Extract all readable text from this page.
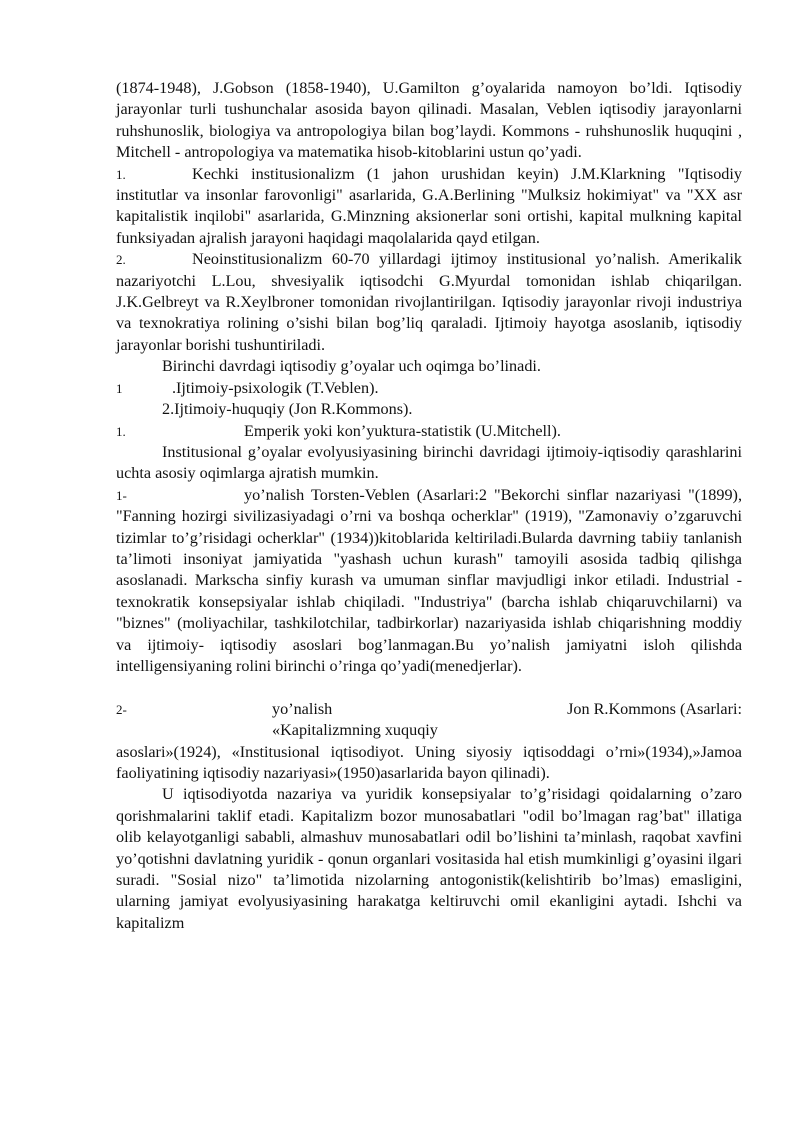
(1874-1948), J.Gobson (1858-1940), U.Gamilton g’oyalarida namoyon bo’ldi. Iqtisodiy jarayonlar turli tushunchalar asosida bayon qilinadi. Masalan, Veblen iqtisodiy jarayonlarni ruhshunoslik, biologiya va antropologiya bilan bog’laydi. Kommons - ruhshunoslik huquqini , Mitchell - antropologiya va matematika hisob-kitoblarini ustun qo’yadi.

1.	Kechki institusionalizm (1 jahon urushidan keyin) J.M.Klarkning "Iqtisodiy institutlar va insonlar farovonligi" asarlarida, G.A.Berlining "Mulksiz hokimiyat" va "XX asr kapitalistik inqilobi" asarlarida, G.Minzning aksionerlar soni ortishi, kapital mulkning kapital funksiyadan ajralish jarayoni haqidagi maqolalarida qayd etilgan.

2.	Neoinstitusionalizm 60-70 yillardagi ijtimoy institusional yo’nalish. Amerikalik nazariyotchi L.Lou, shvesiyalik iqtisodchi G.Myurdal tomonidan ishlab chiqarilgan. J.K.Gelbreyt va R.Xeylbroner tomonidan rivojlantirilgan. Iqtisodiy jarayonlar rivoji industriya va texnokratiya rolining o’sishi bilan bog’liq qaraladi. Ijtimoiy hayotga asoslanib, iqtisodiy jarayonlar borishi tushuntiriladi.

Birinchi davrdagi iqtisodiy g’oyalar uch oqimga bo’linadi.

1	.Ijtimoiy-psixologik (T.Veblen).

2.Ijtimoiy-huquqiy (Jon R.Kommons).

1.	Emperik yoki kon’yuktura-statistik (U.Mitchell).

Institusional g’oyalar evolyusiyasining birinchi davridagi ijtimoiy-iqtisodiy qarashlarini uchta asosiy oqimlarga ajratish mumkin.

1-	yo’nalish Torsten-Veblen (Asarlari:2 "Bekorchi sinflar nazariyasi "(1899), "Fanning hozirgi sivilizasiyadagi o’rni va boshqa ocherklar" (1919), "Zamonaviy o’zgaruvchi tizimlar to’g’risidagi ocherklar" (1934))kitoblarida keltiriladi.Bularda davrning tabiiy tanlanish ta’limoti insoniyat jamiyatida "yashash uchun kurash" tamoyili asosida tadbiq qilishga asoslanadi. Markscha sinfiy kurash va umuman sinflar mavjudligi inkor etiladi. Industrial -texnokratik konsepsiyalar ishlab chiqiladi. "Industriya" (barcha ishlab chiqaruvchilarni) va "biznes" (moliyachilar, tashkilotchilar, tadbirkorlar) nazariyasida ishlab chiqarishning moddiy va ijtimoiy- iqtisodiy asoslari bog’lanmagan.Bu yo’nalish jamiyatni isloh qilishda intelligensiyaning rolini birinchi o’ringa qo’yadi(menedjerlar).

2-	yo’nalish	Jon R.Kommons (Asarlari:
«Kapitalizmning xuquqiy

asoslari»(1924), «Institusional iqtisodiyot. Uning siyosiy iqtisoddagi o’rni»(1934),»Jamoa faoliyatining iqtisodiy nazariyasi»(1950)asarlarida bayon qilinadi).

U iqtisodiyotda nazariya va yuridik konsepsiyalar to’g’risidagi qoidalarning o’zaro qorishmalarini taklif etadi. Kapitalizm bozor munosabatlari "odil bo’lmagan rag’bat" illatiga olib kelayotganligi sababli, almashuv munosabatlari odil bo’lishini ta’minlash, raqobat xavfini yo’qotishni davlatning yuridik - qonun organlari vositasida hal etish mumkinligi g’oyasini ilgari suradi. "Sosial nizo" ta’limotida nizolarning antogonistik(kelishtirib bo’lmas) emasligini, ularning jamiyat evolyusiyasining harakatga keltiruvchi omil ekanligini aytadi. Ishchi va kapitalizm
